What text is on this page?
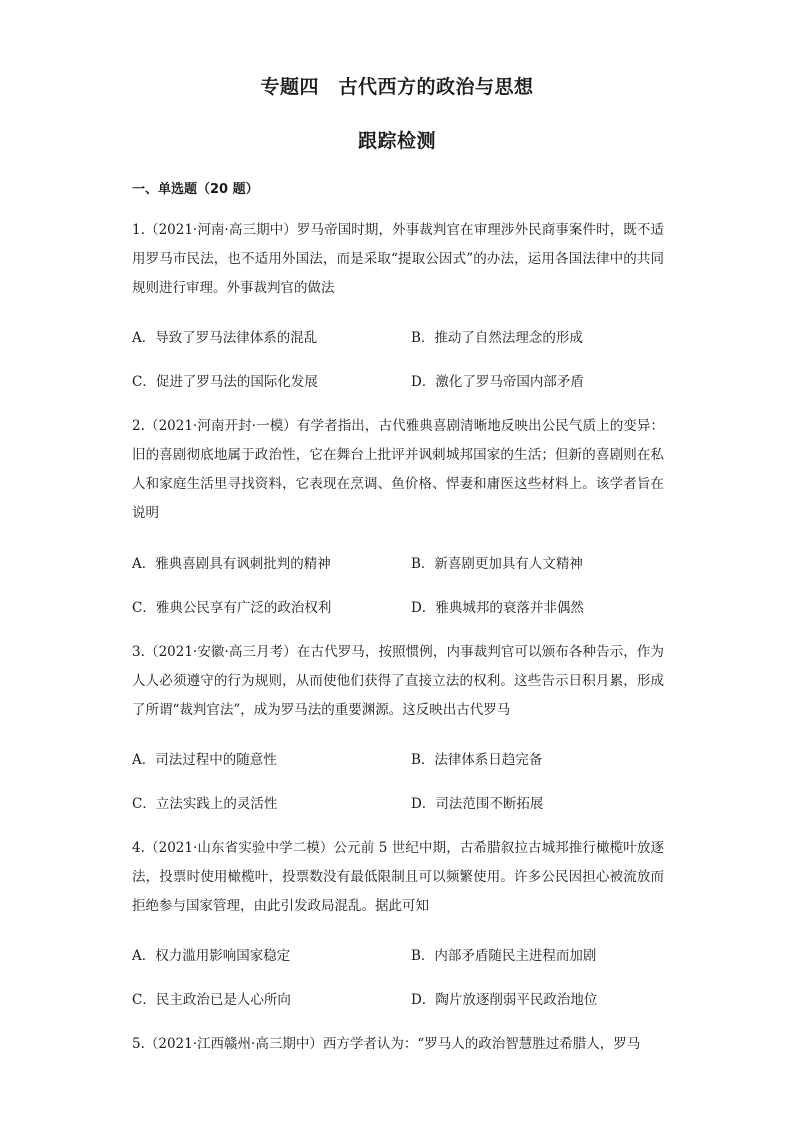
专题四　古代西方的政治与思想
跟踪检测
一、单选题（20 题）
1.（2021·河南·高三期中）罗马帝国时期，外事裁判官在审理涉外民商事案件时，既不适用罗马市民法，也不适用外国法，而是采取“提取公因式”的办法，运用各国法律中的共同规则进行审理。外事裁判官的做法
A．导致了罗马法律体系的混乱	B．推动了自然法理念的形成
C．促进了罗马法的国际化发展	D．激化了罗马帝国内部矛盾
2.（2021·河南开封·一模）有学者指出，古代雅典喜剧清晰地反映出公民气质上的变异：旧的喜剧彻底地属于政治性，它在舞台上批评并讽刺城邦国家的生活；但新的喜剧则在私人和家庭生活里寻找资料，它表现在烹调、鱼价格、悍妻和庸医这些材料上。该学者旨在说明
A．雅典喜剧具有讽刺批判的精神	B．新喜剧更加具有人文精神
C．雅典公民享有广泛的政治权利	D．雅典城邦的衰落并非偶然
3.（2021·安徽·高三月考）在古代罗马，按照惯例，内事裁判官可以颁布各种告示，作为人人必须遵守的行为规则，从而使他们获得了直接立法的权利。这些告示日积月累，形成了所谓“裁判官法”，成为罗马法的重要渊源。这反映出古代罗马
A．司法过程中的随意性	B．法律体系日趋完备
C．立法实践上的灵活性	D．司法范围不断拓展
4.（2021·山东省实验中学二模）公元前 5 世纪中期，古希腊叙拉古城邦推行橄榄叶放逐法，投票时使用橄榄叶，投票数没有最低限制且可以频繁使用。许多公民因担心被流放而拒绝参与国家管理，由此引发政局混乱。据此可知
A．权力滥用影响国家稳定	B．内部矛盾随民主进程而加剧
C．民主政治已是人心所向	D．陶片放逐削弱平民政治地位
5.（2021·江西赣州·高三期中）西方学者认为：“罗马人的政治智慧胜过希腊人，罗马
